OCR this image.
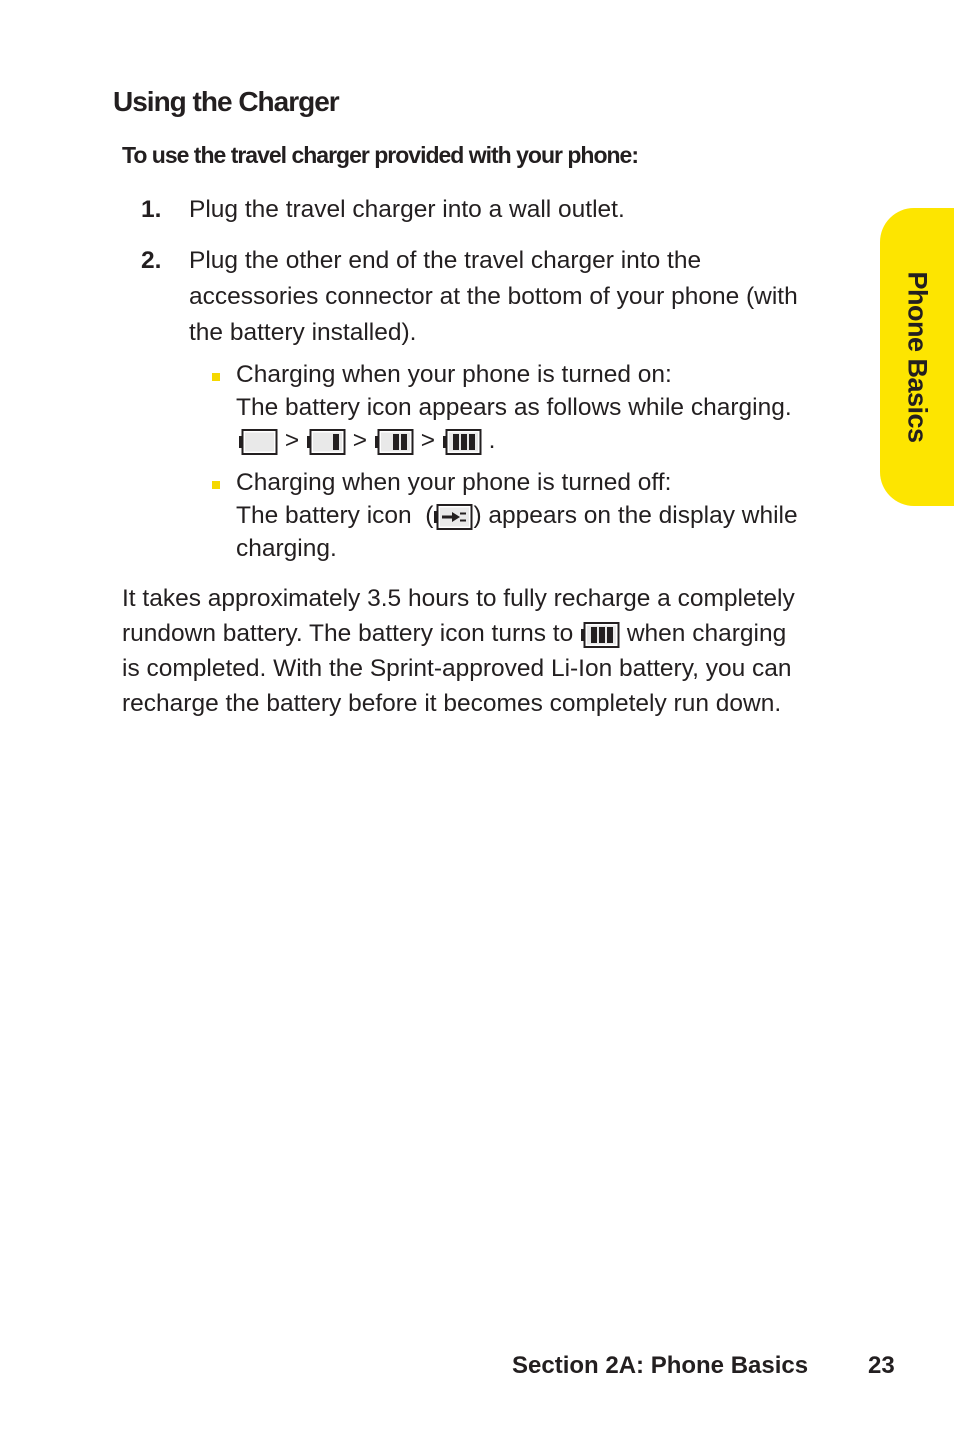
Phone Basics
Using the Charger
To use the travel charger provided with your phone:
1. Plug the travel charger into a wall outlet.
2. Plug the other end of the travel charger into the
accessories connector at the bottom of your phone (with
the battery installed).
Charging when your phone is turned on:
The battery icon appears as follows while charging.
> > > .
Charging when your phone is turned off:
The battery icon  ( ) appears on the display while
charging.
It takes approximately 3.5 hours to fully recharge a completely
rundown battery. The battery icon turns to when charging
is completed. With the Sprint-approved Li-Ion battery, you can
recharge the battery before it becomes completely run down.
Section 2A: Phone Basics 23
